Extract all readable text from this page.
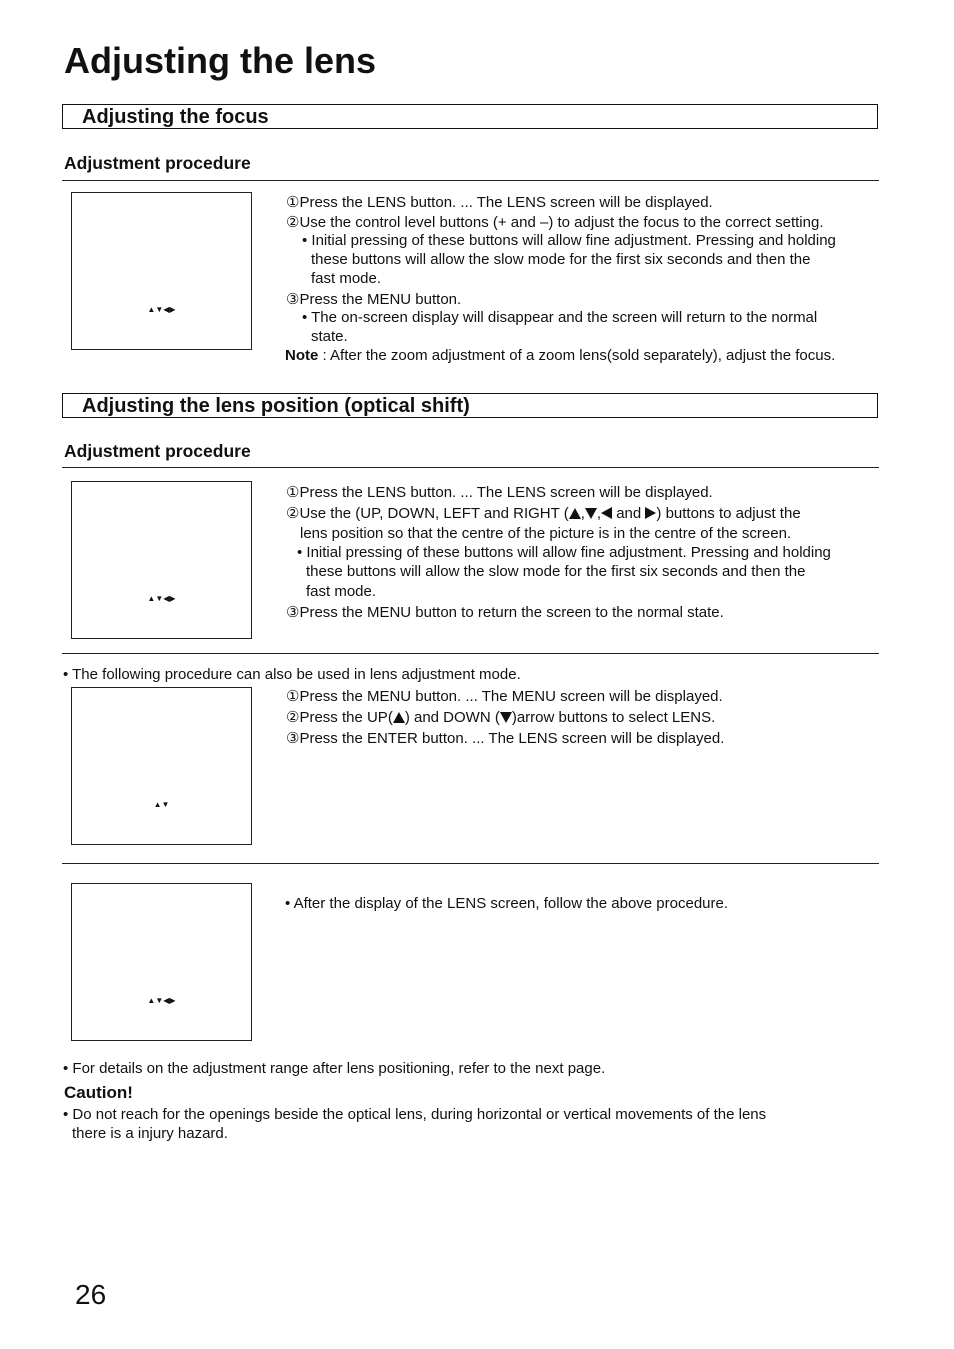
Adjusting the lens
Adjusting the focus
Adjustment procedure
▲▼◀▶
①Press the LENS button. ... The LENS screen will be displayed.
②Use the control level buttons (+ and –) to adjust the focus to the correct setting.
• Initial pressing of these buttons will allow fine adjustment. Pressing and holding
these buttons will allow the slow mode for the first six seconds and then the
fast mode.
③Press the MENU button.
• The on-screen display will disappear and the screen will return to the normal
state.
Note : After the zoom adjustment of a zoom lens(sold separately), adjust the focus.
Adjusting the lens position (optical shift)
Adjustment procedure
▲▼◀▶
①Press the LENS button. ... The LENS screen will be displayed.
②Use the (UP, DOWN, LEFT and RIGHT ( , , and ) buttons to adjust the
lens position so that the centre of the picture is in the centre of the screen.
• Initial pressing of these buttons will allow fine adjustment. Pressing and holding
these buttons will allow the slow mode for the first six seconds and then the
fast mode.
③Press the MENU button to return the screen to the normal state.
• The following procedure can also be used in lens adjustment mode.
▲▼
①Press the MENU button. ... The MENU screen will be displayed.
②Press the UP( ) and DOWN ( )arrow buttons to select LENS.
③Press the ENTER button. ... The LENS screen will be displayed.
▲▼◀▶
• After the display of the LENS screen, follow the above procedure.
• For details on the adjustment range after lens positioning, refer to the next page.
Caution!
• Do not reach for the openings beside the optical lens, during horizontal or vertical movements of the lens
there is a injury hazard.
26
